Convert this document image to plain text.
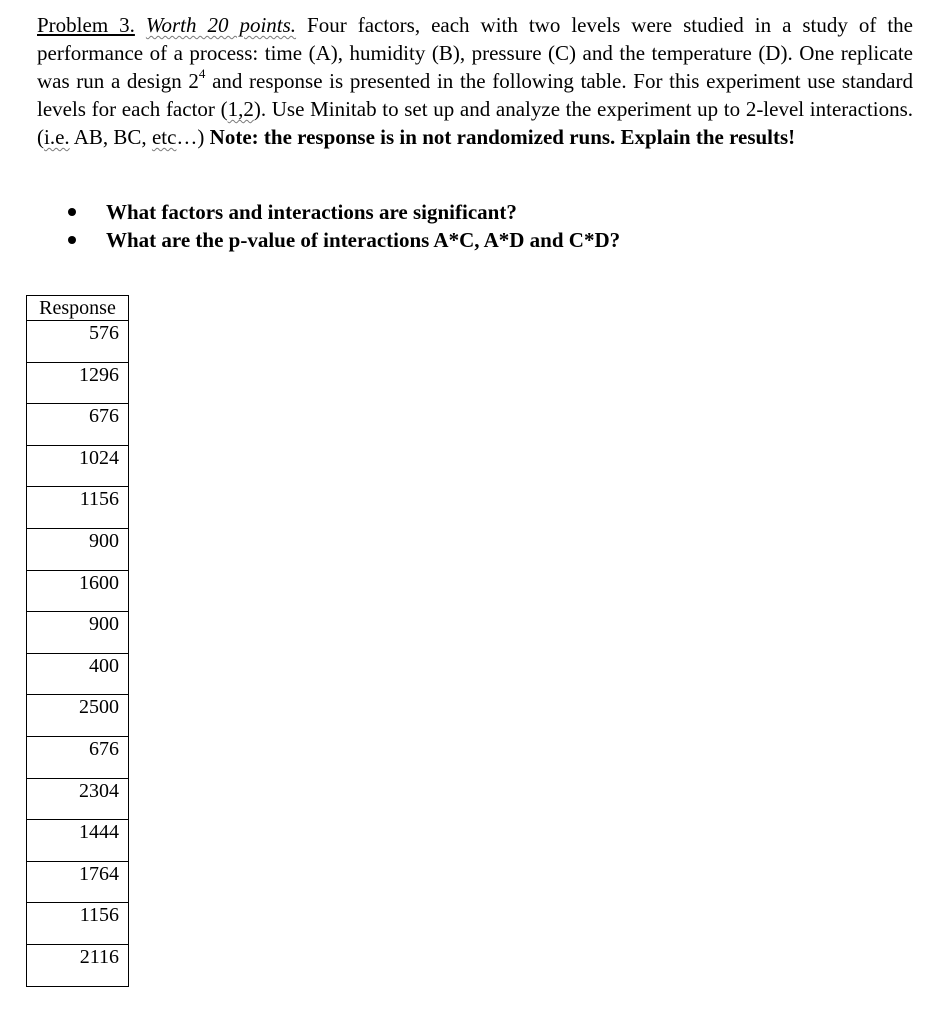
Problem 3. Worth 20 points. Four factors, each with two levels were studied in a study of the performance of a process: time (A), humidity (B), pressure (C) and the temperature (D). One replicate was run a design $2^4$ and response is presented in the following table. For this experiment use standard levels for each factor (1,2). Use Minitab to set up and analyze the experiment up to 2-level interactions. (i.e. AB, BC, etc…) Note: the response is in not randomized runs. Explain the results!
What factors and interactions are significant?
What are the p-value of interactions A*C, A*D and C*D?
Response
576
1296
676
1024
1156
900
1600
900
400
2500
676
2304
1444
1764
1156
2116
